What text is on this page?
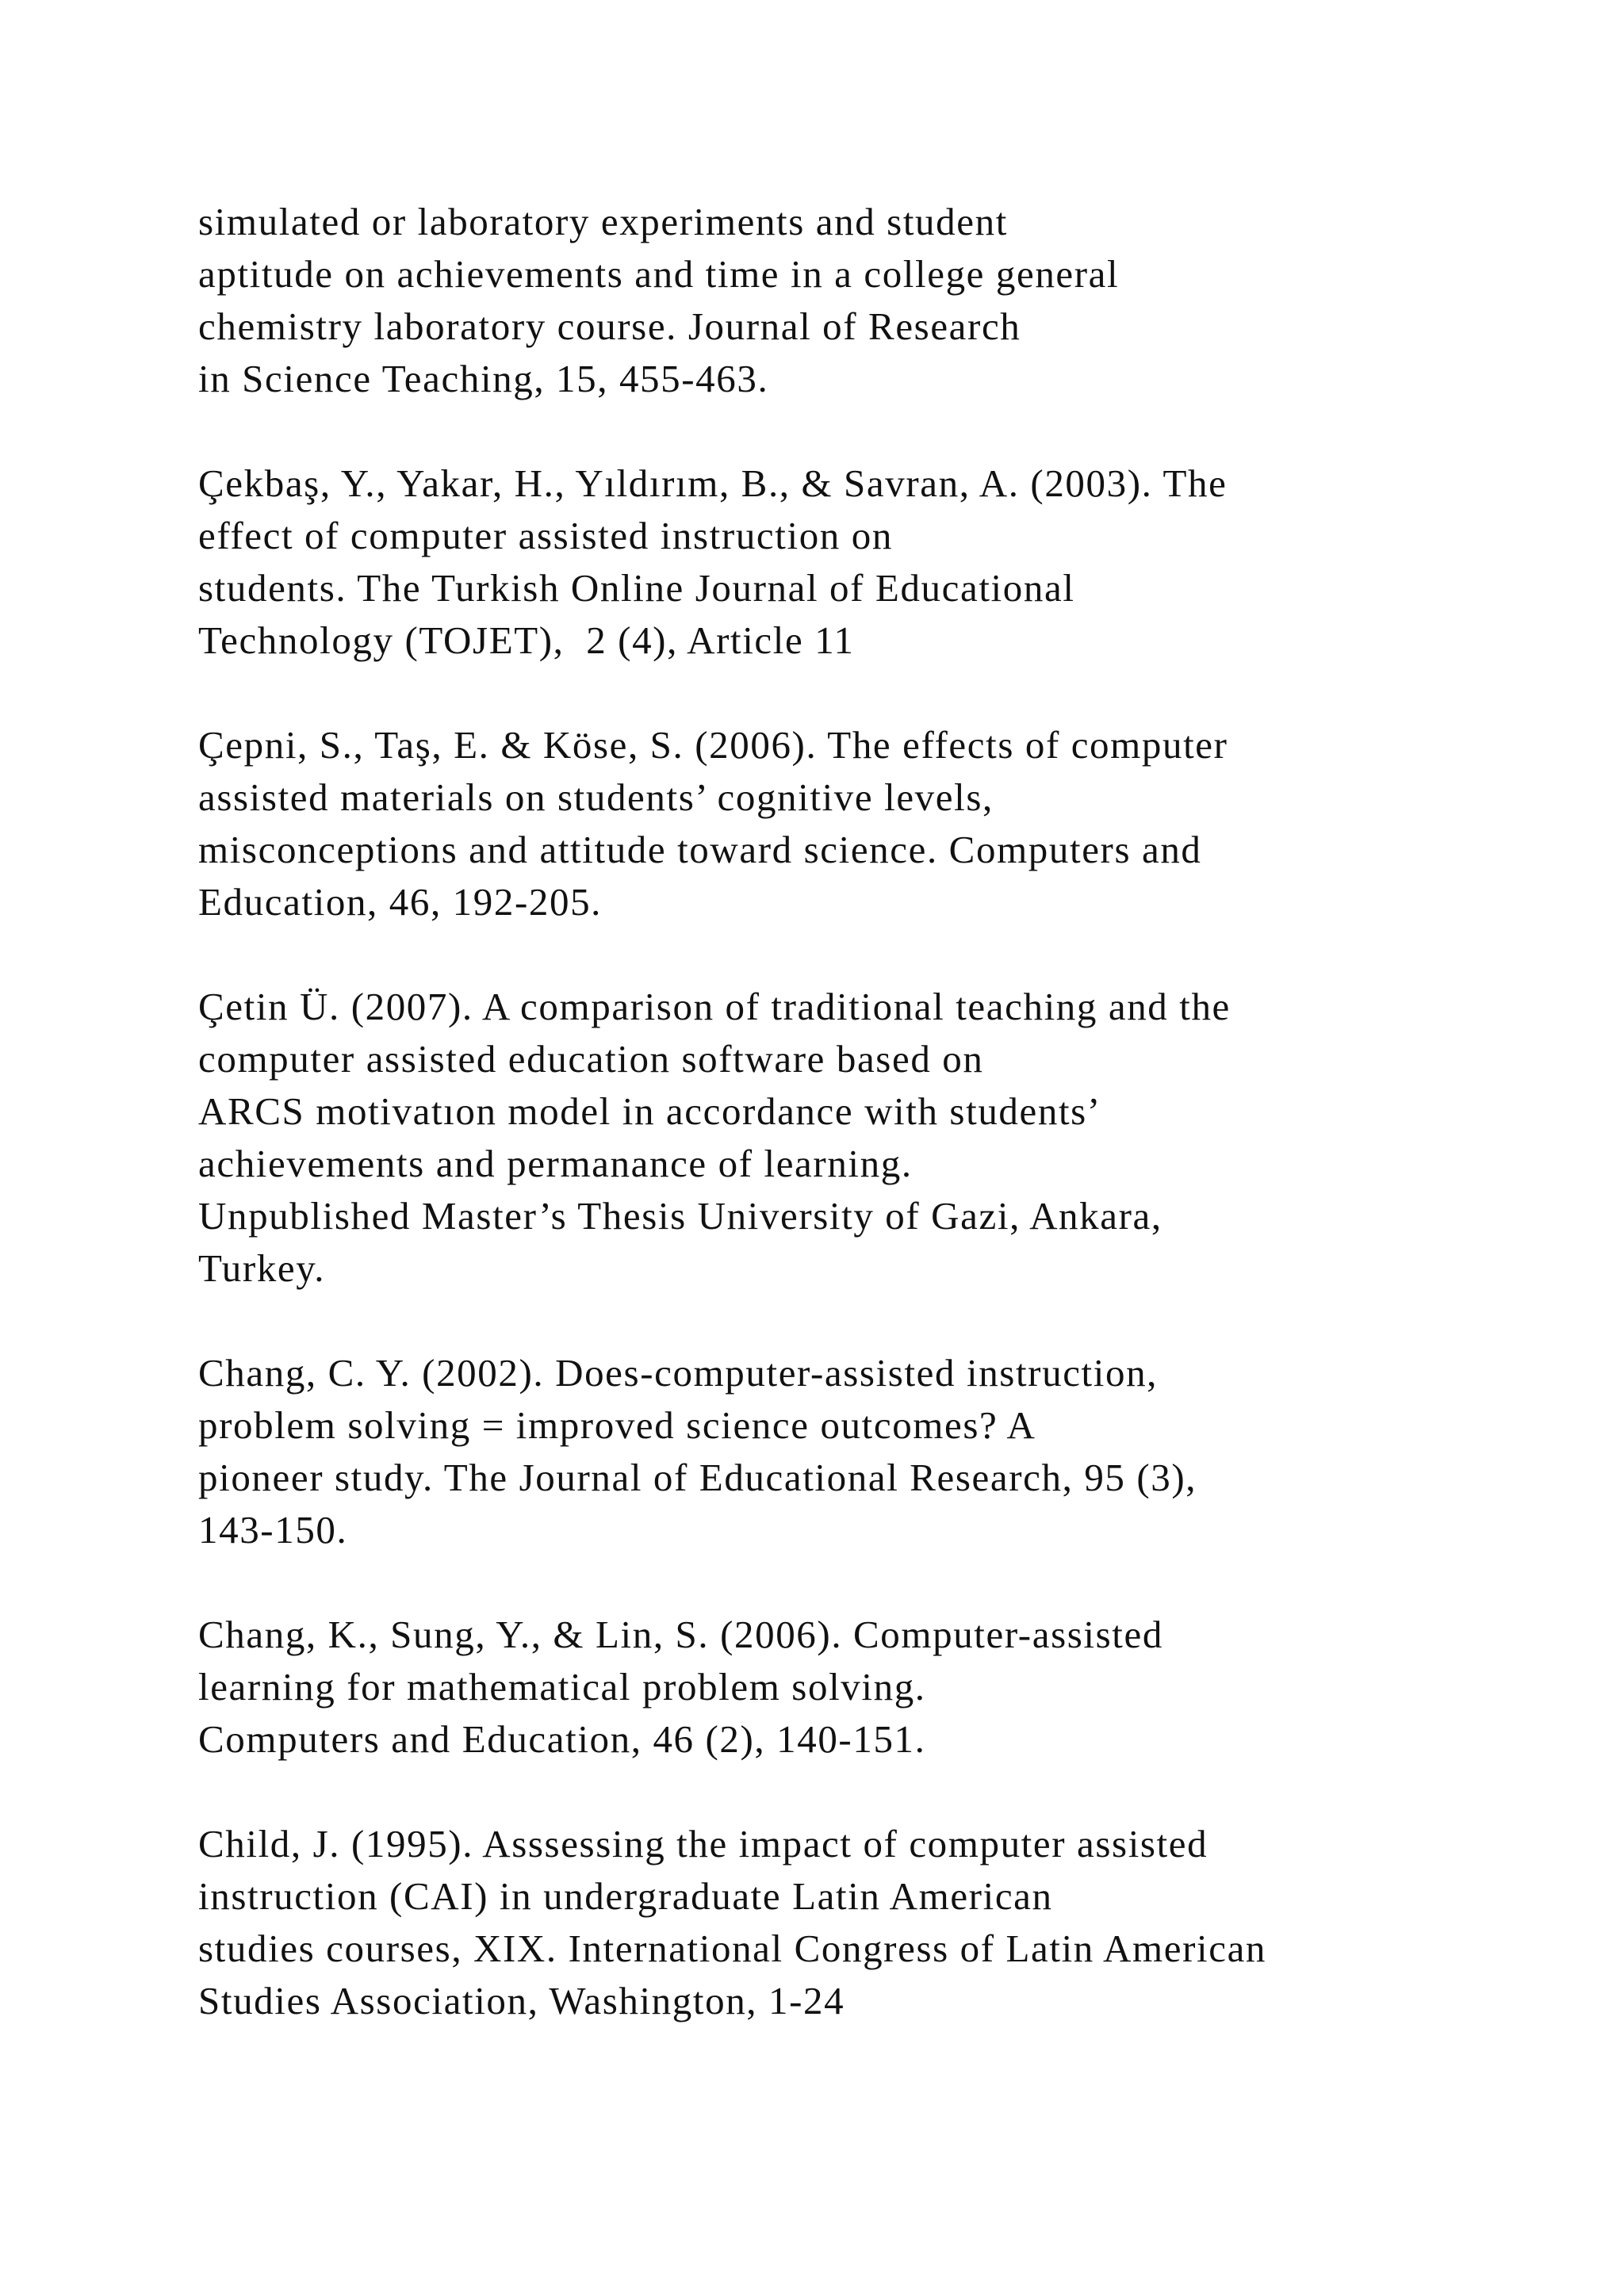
simulated or laboratory experiments and student
aptitude on achievements and time in a college general
chemistry laboratory course. Journal of Research
in Science Teaching, 15, 455-463.
Çekbaş, Y., Yakar, H., Yıldırım, B., & Savran, A. (2003). The
effect of computer assisted instruction on
students. The Turkish Online Journal of Educational
Technology (TOJET),  2 (4), Article 11
Çepni, S., Taş, E. & Köse, S. (2006). The effects of computer
assisted materials on students’ cognitive levels,
misconceptions and attitude toward science. Computers and
Education, 46, 192-205.
Çetin Ü. (2007). A comparison of traditional teaching and the
computer assisted education software based on
ARCS motivatıon model in accordance with students’
achievements and permanance of learning.
Unpublished Master’s Thesis University of Gazi, Ankara,
Turkey.
Chang, C. Y. (2002). Does-computer-assisted instruction,
problem solving = improved science outcomes? A
pioneer study. The Journal of Educational Research, 95 (3),
143-150.
Chang, K., Sung, Y., & Lin, S. (2006). Computer-assisted
learning for mathematical problem solving.
Computers and Education, 46 (2), 140-151.
Child, J. (1995). Asssessing the impact of computer assisted
instruction (CAI) in undergraduate Latin American
studies courses, XIX. International Congress of Latin American
Studies Association, Washington, 1-24
